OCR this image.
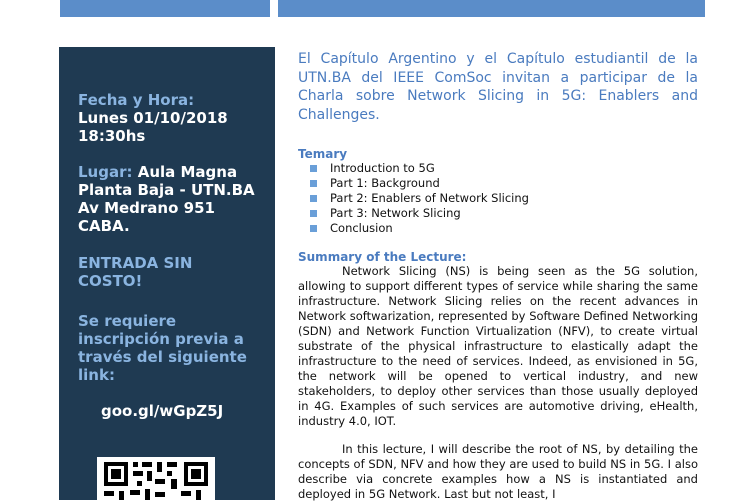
Fecha y Hora:
Lunes 01/10/2018
18:30hs
Lugar: Aula Magna
Planta Baja - UTN.BA
Av Medrano 951
CABA.
ENTRADA SIN
COSTO!
Se requiere
inscripción previa a
través del siguiente
link:
goo.gl/wGpZ5J
El Capítulo Argentino y el Capítulo estudiantil de la UTN.BA del IEEE ComSoc invitan a participar de la Charla sobre Network Slicing in 5G: Enablers and Challenges.
Temary
Introduction to 5G
Part 1: Background
Part 2: Enablers of Network Slicing
Part 3: Network Slicing
Conclusion
Summary of the Lecture:
Network Slicing (NS) is being seen as the 5G solution, allowing to support different types of service while sharing the same infrastructure. Network Slicing relies on the recent advances in Network softwarization, represented by Software Defined Networking (SDN) and Network Function Virtualization (NFV), to create virtual substrate of the physical infrastructure to elastically adapt the infrastructure to the need of services. Indeed, as envisioned in 5G, the network will be opened to vertical industry, and new stakeholders, to deploy other services than those usually deployed in 4G. Examples of such services are automotive driving, eHealth, industry 4.0, IOT.
In this lecture, I will describe the root of NS, by detailing the concepts of SDN, NFV and how they are used to build NS in 5G. I also describe via concrete examples how a NS is instantiated and deployed in 5G Network. Last but not least, I
